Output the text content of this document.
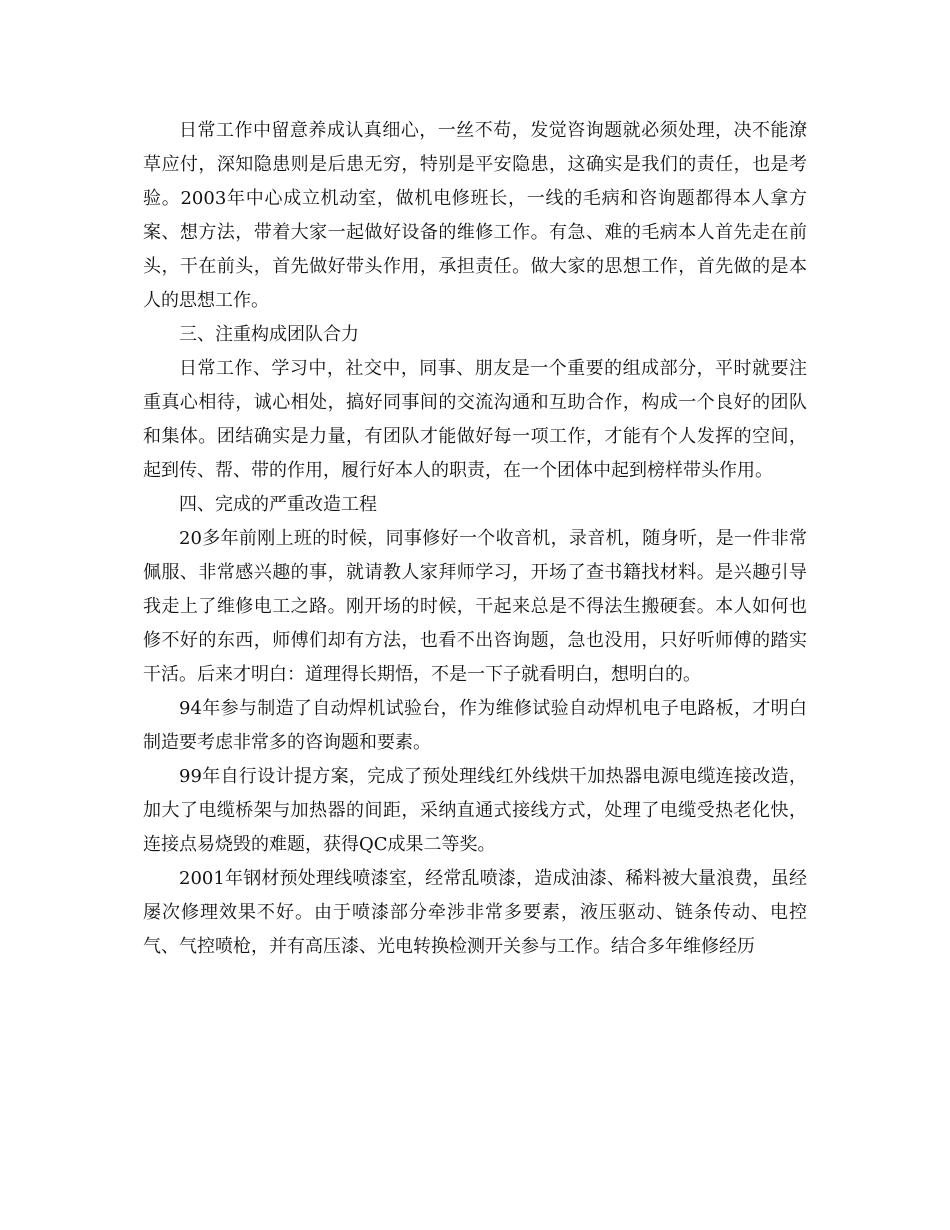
日常工作中留意养成认真细心，一丝不苟，发觉咨询题就必须处理，决不能潦草应付，深知隐患则是后患无穷，特别是平安隐患，这确实是我们的责任，也是考验。2003年中心成立机动室，做机电修班长，一线的毛病和咨询题都得本人拿方案、想方法，带着大家一起做好设备的维修工作。有急、难的毛病本人首先走在前头，干在前头，首先做好带头作用，承担责任。做大家的思想工作，首先做的是本人的思想工作。

三、注重构成团队合力

日常工作、学习中，社交中，同事、朋友是一个重要的组成部分，平时就要注重真心相待，诚心相处，搞好同事间的交流沟通和互助合作，构成一个良好的团队和集体。团结确实是力量，有团队才能做好每一项工作，才能有个人发挥的空间，起到传、帮、带的作用，履行好本人的职责，在一个团体中起到榜样带头作用。

四、完成的严重改造工程

20多年前刚上班的时候，同事修好一个收音机，录音机，随身听，是一件非常佩服、非常感兴趣的事，就请教人家拜师学习，开场了查书籍找材料。是兴趣引导我走上了维修电工之路。刚开场的时候，干起来总是不得法生搬硬套。本人如何也修不好的东西，师傅们却有方法，也看不出咨询题，急也没用，只好听师傅的踏实干活。后来才明白：道理得长期悟，不是一下子就看明白，想明白的。

94年参与制造了自动焊机试验台，作为维修试验自动焊机电子电路板，才明白制造要考虑非常多的咨询题和要素。

99年自行设计提方案，完成了预处理线红外线烘干加热器电源电缆连接改造，加大了电缆桥架与加热器的间距，采纳直通式接线方式，处理了电缆受热老化快，连接点易烧毁的难题，获得QC成果二等奖。

2001年钢材预处理线喷漆室，经常乱喷漆，造成油漆、稀料被大量浪费，虽经屡次修理效果不好。由于喷漆部分牵涉非常多要素，液压驱动、链条传动、电控气、气控喷枪，并有高压漆、光电转换检测开关参与工作。结合多年维修经历
